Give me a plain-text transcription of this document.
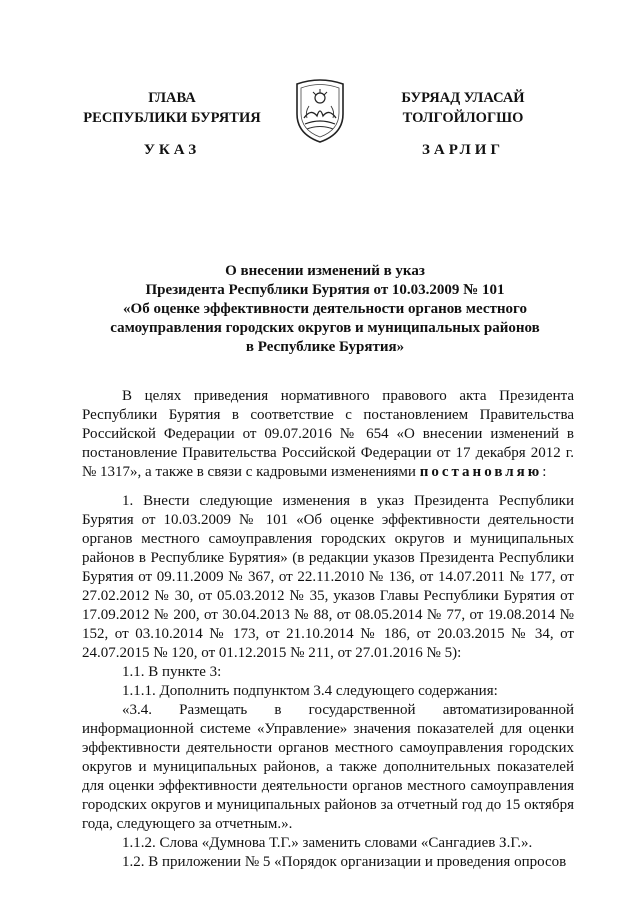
ГЛАВА
РЕСПУБЛИКИ БУРЯТИЯ
БУРЯАД УЛАСАЙ
ТОЛГОЙЛОГШО
УКАЗ	ЗАРЛИГ
О внесении изменений в указ
Президента Республики Бурятия от 10.03.2009 № 101
«Об оценке эффективности деятельности органов местного
самоуправления городских округов и муниципальных районов
в Республике Бурятия»
В целях приведения нормативного правового акта Президента Республики Бурятия в соответствие с постановлением Правительства Российской Федерации от 09.07.2016 № 654 «О внесении изменений в постановление Правительства Российской Федерации от 17 декабря 2012 г. № 1317», а также в связи с кадровыми изменениями постановляю:
1. Внести следующие изменения в указ Президента Республики Бурятия от 10.03.2009 № 101 «Об оценке эффективности деятельности органов местного самоуправления городских округов и муниципальных районов в Республике Бурятия» (в редакции указов Президента Республики Бурятия от 09.11.2009 № 367, от 22.11.2010 № 136, от 14.07.2011 № 177, от 27.02.2012 № 30, от 05.03.2012 № 35, указов Главы Республики Бурятия от 17.09.2012 № 200, от 30.04.2013 № 88, от 08.05.2014 № 77, от 19.08.2014 № 152, от 03.10.2014 № 173, от 21.10.2014 № 186, от 20.03.2015 № 34, от 24.07.2015 № 120, от 01.12.2015 № 211, от 27.01.2016 № 5):
1.1. В пункте 3:
1.1.1. Дополнить подпунктом 3.4 следующего содержания:
«3.4. Размещать в государственной автоматизированной информационной системе «Управление» значения показателей для оценки эффективности деятельности органов местного самоуправления городских округов и муниципальных районов, а также дополнительных показателей для оценки эффективности деятельности органов местного самоуправления городских округов и муниципальных районов за отчетный год до 15 октября года, следующего за отчетным.».
1.1.2. Слова «Думнова Т.Г.» заменить словами «Сангадиев З.Г.».
1.2. В приложении № 5 «Порядок организации и проведения опросов
